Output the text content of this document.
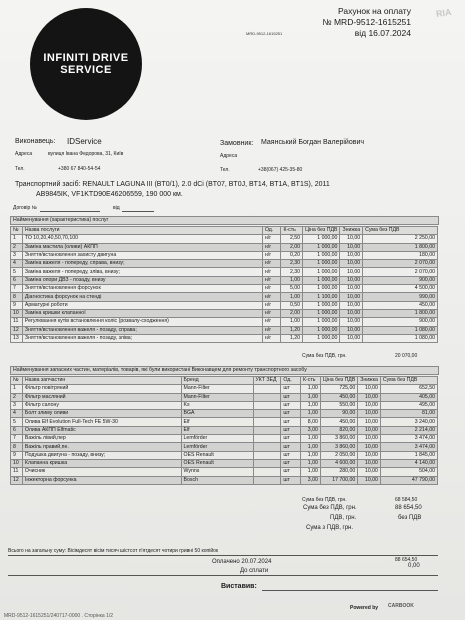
INFINITI DRIVE
SERVICE
RIA
Рахунок на оплату
№ MRD-9512-1615251
від 16.07.2024
MRD-9512-1615251
Виконавець: IDService
Адреса	вулиця Івана Федорова, 31, Київ
Замовник: Маянський Богдан Валерійович
Адреса
Тел.	+380 67 840-54-54	Тел.	+38(067) 425-35-80
Транспортний засіб: RENAULT LAGUNA III (BT0/1), 2.0 dCi (BT07, BT0J, BT14, BT1A, BT1S), 2011
AB9845IK, VF1KTD90E46206559, 190 000 км.
Договір №	від
Найменування (характеристика) послуг
№	Назва послуги	Од.	К-сть	Ціна без ПДВ	Знижка	Сума без ПДВ
1	ТО 10,20,40,50,70,100	н/г	2,50	1 000,00	10,00	2 250,00
2	Заміна мастила (оливи) АКПП	н/г	2,00	1 000,00	10,00	1 800,00
3	Зняття/встановлення захисту двигуна	н/г	0,20	1 000,00	10,00	180,00
4	Заміна важеля - попереду, справа, внизу;	н/г	2,30	1 000,00	10,00	2 070,00
5	Заміна важеля - попереду, зліва, внизу;	н/г	2,30	1 000,00	10,00	2 070,00
6	Заміна опори ДВЗ - позаду, внизу	н/г	1,00	1 000,00	10,00	900,00
7	Зняття/встановлення форсунок	н/г	5,00	1 000,00	10,00	4 500,00
8	Діагностика форсунок на стенді	н/г	1,00	1 100,00	10,00	990,00
9	Арматурні роботи	н/г	0,50	1 000,00	10,00	450,00
10	Заміна кришки клапанної	н/г	2,00	1 000,00	10,00	1 800,00
11	Регулювання кутів встановлення коліс (розвалу-сходження)	н/г	1,00	1 000,00	10,00	900,00
12	Зняття/встановлення важеля - позаду, справа;	н/г	1,20	1 000,00	10,00	1 080,00
13	Зняття/встановлення важеля - позаду, зліва;	н/г	1,20	1 000,00	10,00	1 080,00
Сума без ПДВ, грн.	20 070,00
Найменування запасних частин, матеріалів, товарів, які були використані Виконавцем для ремонту транспортного засобу
№	Назва запчастин	Бренд	УКТ ЗЕД	Од.	К-сть	Ціна без ПДВ	Знижка	Сума без ПДВ
1	Фільтр повітряний	Mann-Filter		шт	1,00	725,00	10,00	652,50
2	Фільтр масляний	Mann-Filter		шт	1,00	450,00	10,00	405,00
3	Фільтр салону	Ks		шт	1,00	550,00	10,00	495,00
4	Болт злиму оливи	BGA		шт	1,00	90,00	10,00	81,00
5	Олива Elf Evolution Full-Tech FE 5W-30	Elf		шт	8,00	450,00	10,00	3 240,00
6	Олива АКПП Elfmatic	Elf		шт	3,00	820,00	10,00	2 214,00
7	Важіль лівий,пер	Lemförder		шт	1,00	3 860,00	10,00	3 474,00
8	Важіль правий,пе.	Lemförder		шт	1,00	3 860,00	10,00	3 474,00
9	Подушка двигуна - позаду, внизу;	OES Renault		шт	1,00	2 050,00	10,00	1 845,00
10	Клапанна кришка	OES Renault		шт	1,00	4 600,00	10,00	4 140,00
11	Очисник	Wynns		шт	1,00	280,00	10,00	504,00
12	Інжекторна форсунка	Bosch		шт	3,00	17 700,00	10,00	47 790,00
Сума без ПДВ, грн.	68 584,50
Сума без ПДВ, грн.	88 654,50
ПДВ, грн.	без ПДВ
Сума з ПДВ, грн.
Всього на загальну суму: Вісімдесят вісім тисяч шістсот п'ятдесят чотири гривні 50 копійок
88 654,50
Оплачено 20.07.2024
0,00
До сплати
Виставив:
Powered by CARBOOK
MRD-9512-1615251/240717-0000 . Сторінка 1/2
